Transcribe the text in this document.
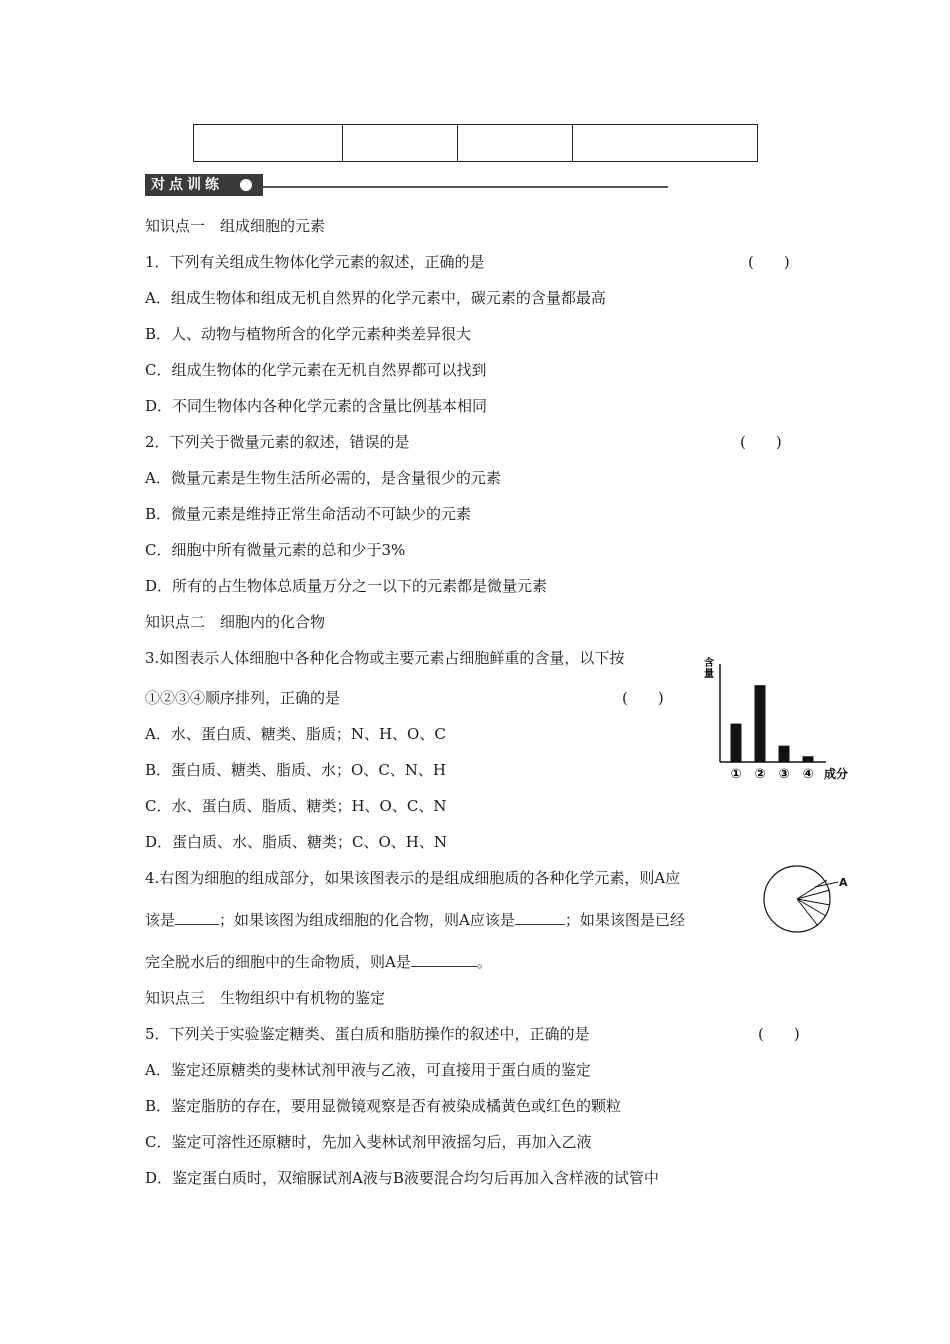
对点训练
知识点一　组成细胞的元素
1．下列有关组成生物体化学元素的叙述，正确的是	(　　)
A．组成生物体和组成无机自然界的化学元素中，碳元素的含量都最高
B．人、动物与植物所含的化学元素种类差异很大
C．组成生物体的化学元素在无机自然界都可以找到
D．不同生物体内各种化学元素的含量比例基本相同
2．下列关于微量元素的叙述，错误的是	(　　)
A．微量元素是生物生活所必需的，是含量很少的元素
B．微量元素是维持正常生命活动不可缺少的元素
C．细胞中所有微量元素的总和少于3%
D．所有的占生物体总质量万分之一以下的元素都是微量元素
知识点二　细胞内的化合物
3.如图表示人体细胞中各种化合物或主要元素占细胞鲜重的含量，以下按
①②③④顺序排列，正确的是	(　　)
A．水、蛋白质、糖类、脂质；N、H、O、C
B．蛋白质、糖类、脂质、水；O、C、N、H
C．水、蛋白质、脂质、糖类；H、O、C、N
D．蛋白质、水、脂质、糖类；C、O、H、N
① ② ③ ④ 成分
含量
4.右图为细胞的组成部分，如果该图表示的是组成细胞质的各种化学元素，则A应
该是	；如果该图为组成细胞的化合物，则A应该是	；如果该图是已经
完全脱水后的细胞中的生命物质，则A是	。
A
知识点三　生物组织中有机物的鉴定
5．下列关于实验鉴定糖类、蛋白质和脂肪操作的叙述中，正确的是	(　　)
A．鉴定还原糖类的斐林试剂甲液与乙液，可直接用于蛋白质的鉴定
B．鉴定脂肪的存在，要用显微镜观察是否有被染成橘黄色或红色的颗粒
C．鉴定可溶性还原糖时，先加入斐林试剂甲液摇匀后，再加入乙液
D．鉴定蛋白质时，双缩脲试剂A液与B液要混合均匀后再加入含样液的试管中
